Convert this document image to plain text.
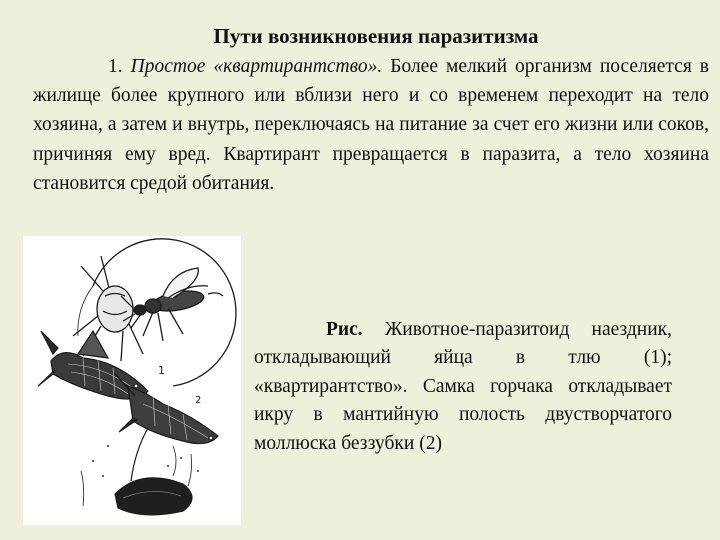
Пути возникновения паразитизма
1. Простое «квартирантство». Более мелкий организм поселяется в жилище более крупного или вблизи него и со временем переходит на тело хозяина, а затем и внутрь, переключаясь на питание за счет его жизни или соков, причиняя ему вред. Квартирант превращается в паразита, а тело хозяина становится средой обитания.
1
2
Рис. Животное-паразитоид наездник, откладывающий яйца в тлю (1); «квартирантство». Самка горчака откладывает икру в мантийную полость двустворчатого моллюска беззубки (2)
